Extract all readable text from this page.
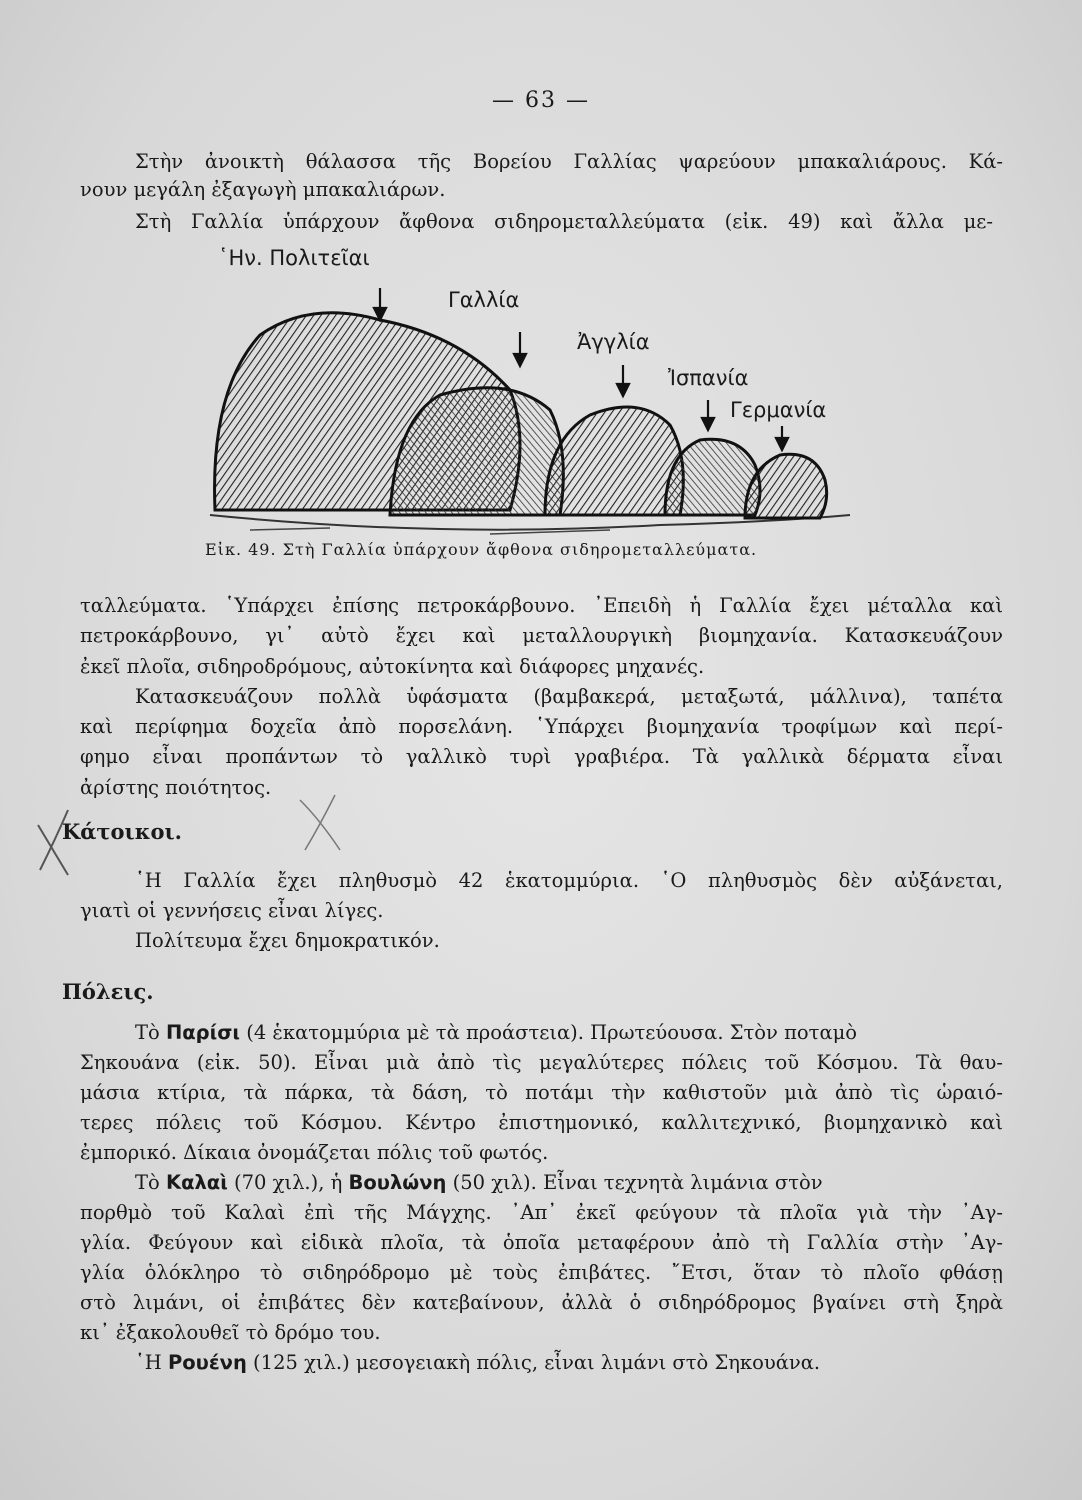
— 63 —
Στὴν ἀνοικτὴ θάλασσα τῆς Βορείου Γαλλίας ψαρεύουν μπακαλιάρους. Κά-
νουν μεγάλη ἐξαγωγὴ μπακαλιάρων.
Στὴ Γαλλία ὑπάρχουν ἄφθονα σιδηρομεταλλεύματα (εἰκ. 49) καὶ ἄλλα με-
῾Ην. Πολιτεῖαι
Γαλλία
Ἀγγλία
Ἰσπανία
Γερμανία
Εἰκ. 49. Στὴ Γαλλία ὑπάρχουν ἄφθονα σιδηρομεταλλεύματα.
ταλλεύματα. ῾Υπάρχει ἐπίσης πετροκάρβουνο. ᾿Επειδὴ ἡ Γαλλία ἔχει μέταλλα καὶ
πετροκάρβουνο, γι᾿ αὐτὸ ἔχει καὶ μεταλλουργικὴ βιομηχανία. Κατασκευάζουν
ἐκεῖ πλοῖα, σιδηροδρόμους, αὐτοκίνητα καὶ διάφορες μηχανές.
Κατασκευάζουν πολλὰ ὑφάσματα (βαμβακερά, μεταξωτά, μάλλινα), ταπέτα
καὶ περίφημα δοχεῖα ἀπὸ πορσελάνη. ῾Υπάρχει βιομηχανία τροφίμων καὶ περί-
φημο εἶναι προπάντων τὸ γαλλικὸ τυρὶ γραβιέρα. Τὰ γαλλικὰ δέρματα εἶναι
ἀρίστης ποιότητος.
Κάτοικοι.
῾Η Γαλλία ἔχει πληθυσμὸ 42 ἑκατομμύρια. ῾Ο πληθυσμὸς δὲν αὐξάνεται,
γιατὶ οἱ γεννήσεις εἶναι λίγες.
Πολίτευμα ἔχει δημοκρατικόν.
Πόλεις.
Τὸ Παρίσι (4 ἑκατομμύρια μὲ τὰ προάστεια). Πρωτεύουσα. Στὸν ποταμὸ
Σηκουάνα (εἰκ. 50). Εἶναι μιὰ ἀπὸ τὶς μεγαλύτερες πόλεις τοῦ Κόσμου. Τὰ θαυ-
μάσια κτίρια, τὰ πάρκα, τὰ δάση, τὸ ποτάμι τὴν καθιστοῦν μιὰ ἀπὸ τὶς ὡραιό-
τερες πόλεις τοῦ Κόσμου. Κέντρο ἐπιστημονικό, καλλιτεχνικό, βιομηχανικὸ καὶ
ἐμπορικό. Δίκαια ὀνομάζεται πόλις τοῦ φωτός.
Τὸ Καλαὶ (70 χιλ.), ἡ Βουλώνη (50 χιλ). Εἶναι τεχνητὰ λιμάνια στὸν
πορθμὸ τοῦ Καλαὶ ἐπὶ τῆς Μάγχης. ᾿Απ᾿ ἐκεῖ φεύγουν τὰ πλοῖα γιὰ τὴν ᾿Αγ-
γλία. Φεύγουν καὶ εἰδικὰ πλοῖα, τὰ ὁποῖα μεταφέρουν ἀπὸ τὴ Γαλλία στὴν ᾿Αγ-
γλία ὁλόκληρο τὸ σιδηρόδρομο μὲ τοὺς ἐπιβάτες. ῎Ετσι, ὅταν τὸ πλοῖο φθάσῃ
στὸ λιμάνι, οἱ ἐπιβάτες δὲν κατεβαίνουν, ἀλλὰ ὁ σιδηρόδρομος βγαίνει στὴ ξηρὰ
κι᾿ ἐξακολουθεῖ τὸ δρόμο του.
῾Η Ρουένη (125 χιλ.) μεσογειακὴ πόλις, εἶναι λιμάνι στὸ Σηκουάνα.
